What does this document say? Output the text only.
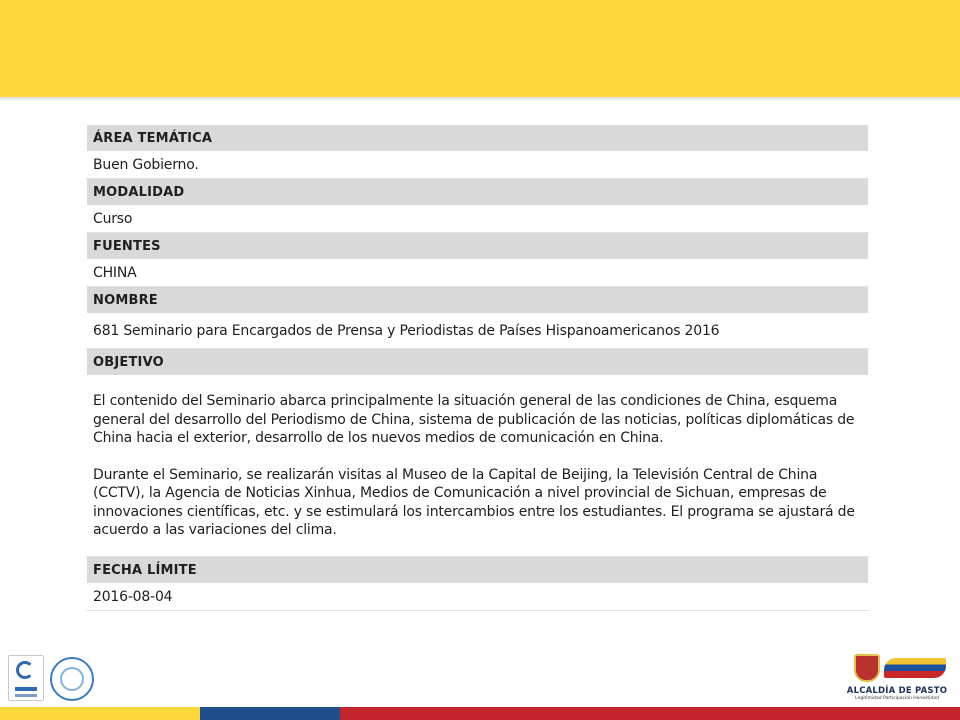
ÁREA TEMÁTICA
Buen Gobierno.
MODALIDAD
Curso
FUENTES
CHINA
NOMBRE
681 Seminario para Encargados de Prensa y Periodistas de Países Hispanoamericanos 2016
OBJETIVO

El contenido del Seminario abarca principalmente la situación general de las condiciones de China, esquema general del desarrollo del Periodismo de China, sistema de publicación de las noticias, políticas diplomáticas de China hacia el exterior, desarrollo de los nuevos medios de comunicación en China.

Durante el Seminario, se realizarán visitas al Museo de la Capital de Beijing, la Televisión Central de China (CCTV), la Agencia de Noticias Xinhua, Medios de Comunicación a nivel provincial de Sichuan, empresas de innovaciones científicas, etc. y se estimulará los intercambios entre los estudiantes. El programa se ajustará de acuerdo a las variaciones del clima.

FECHA LÍMITE
2016-08-04
ALCALDÍA DE PASTO
Legitimidad Participación Honestidad
